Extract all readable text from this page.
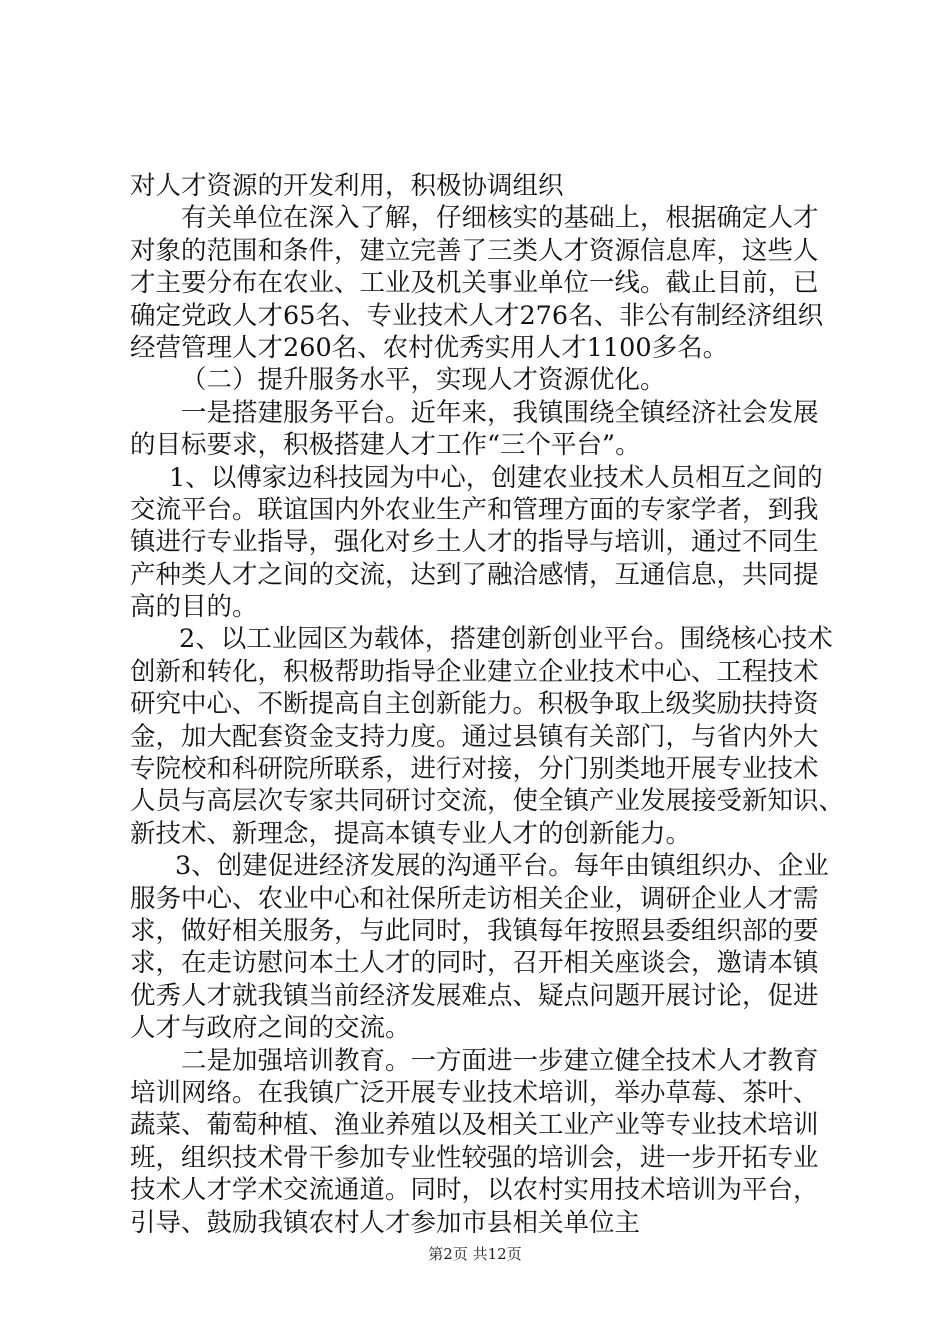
对人才资源的开发利用，积极协调组织
有关单位在深入了解，仔细核实的基础上，根据确定人才
对象的范围和条件，建立完善了三类人才资源信息库，这些人
才主要分布在农业、工业及机关事业单位一线。截止目前，已
确定党政人才65名、专业技术人才276名、非公有制经济组织
经营管理人才260名、农村优秀实用人才1100多名。
（二）提升服务水平，实现人才资源优化。
一是搭建服务平台。近年来，我镇围绕全镇经济社会发展
的目标要求，积极搭建人才工作“三个平台”。
1、以傅家边科技园为中心，创建农业技术人员相互之间的
交流平台。联谊国内外农业生产和管理方面的专家学者，到我
镇进行专业指导，强化对乡土人才的指导与培训，通过不同生
产种类人才之间的交流，达到了融洽感情，互通信息，共同提
高的目的。
2、以工业园区为载体，搭建创新创业平台。围绕核心技术
创新和转化，积极帮助指导企业建立企业技术中心、工程技术
研究中心、不断提高自主创新能力。积极争取上级奖励扶持资
金，加大配套资金支持力度。通过县镇有关部门，与省内外大
专院校和科研院所联系，进行对接，分门别类地开展专业技术
人员与高层次专家共同研讨交流，使全镇产业发展接受新知识、
新技术、新理念，提高本镇专业人才的创新能力。
3、创建促进经济发展的沟通平台。每年由镇组织办、企业
服务中心、农业中心和社保所走访相关企业，调研企业人才需
求，做好相关服务，与此同时，我镇每年按照县委组织部的要
求，在走访慰问本土人才的同时，召开相关座谈会，邀请本镇
优秀人才就我镇当前经济发展难点、疑点问题开展讨论，促进
人才与政府之间的交流。
二是加强培训教育。一方面进一步建立健全技术人才教育
培训网络。在我镇广泛开展专业技术培训，举办草莓、茶叶、
蔬菜、葡萄种植、渔业养殖以及相关工业产业等专业技术培训
班，组织技术骨干参加专业性较强的培训会，进一步开拓专业
技术人才学术交流通道。同时，以农村实用技术培训为平台，
引导、鼓励我镇农村人才参加市县相关单位主
第2页 共12页
